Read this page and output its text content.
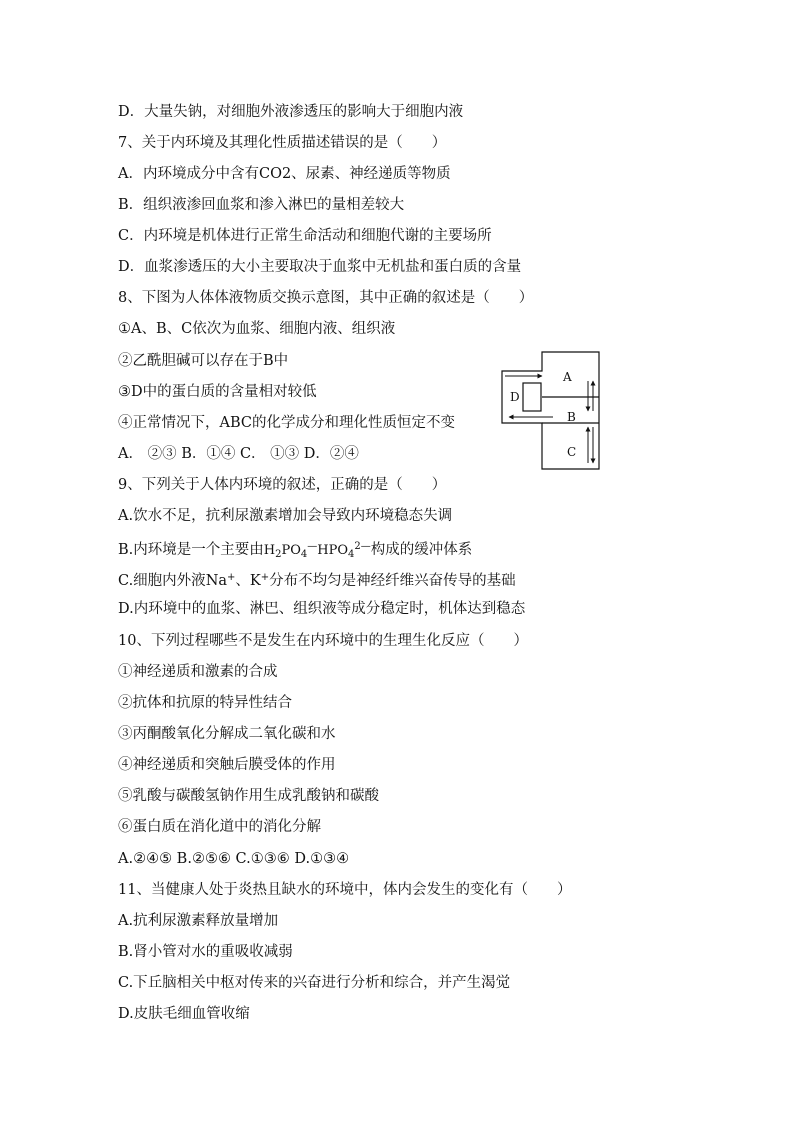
D．大量失钠，对细胞外液渗透压的影响大于细胞内液
7、关于内环境及其理化性质描述错误的是（　　）
A．内环境成分中含有CO2、尿素、神经递质等物质
B．组织液渗回血浆和渗入淋巴的量相差较大
C．内环境是机体进行正常生命活动和细胞代谢的主要场所
D．血浆渗透压的大小主要取决于血浆中无机盐和蛋白质的含量
8、下图为人体体液物质交换示意图，其中正确的叙述是（　　）
①A、B、C依次为血浆、细胞内液、组织液
②乙酰胆碱可以存在于B中
③D中的蛋白质的含量相对较低
④正常情况下，ABC的化学成分和理化性质恒定不变
A． ②③ B．①④ C． ①③ D．②④
9、下列关于人体内环境的叙述，正确的是（　　）
A.饮水不足，抗利尿激素增加会导致内环境稳态失调
B.内环境是一个主要由$H_2PO_4^—HPO_4^{2—}$构成的缓冲体系
C.细胞内外液Na+、K+分布不均匀是神经纤维兴奋传导的基础
D.内环境中的血浆、淋巴、组织液等成分稳定时，机体达到稳态
10、下列过程哪些不是发生在内环境中的生理生化反应（　　）
①神经递质和激素的合成
②抗体和抗原的特异性结合
③丙酮酸氧化分解成二氧化碳和水
④神经递质和突触后膜受体的作用
⑤乳酸与碳酸氢钠作用生成乳酸钠和碳酸
⑥蛋白质在消化道中的消化分解
A.②④⑤ B.②⑤⑥ C.①③⑥ D.①③④
11、当健康人处于炎热且缺水的环境中，体内会发生的变化有（　　）
A.抗利尿激素释放量增加
B.肾小管对水的重吸收减弱
C.下丘脑相关中枢对传来的兴奋进行分析和综合，并产生渴觉
D.皮肤毛细血管收缩
A
B
C
D
